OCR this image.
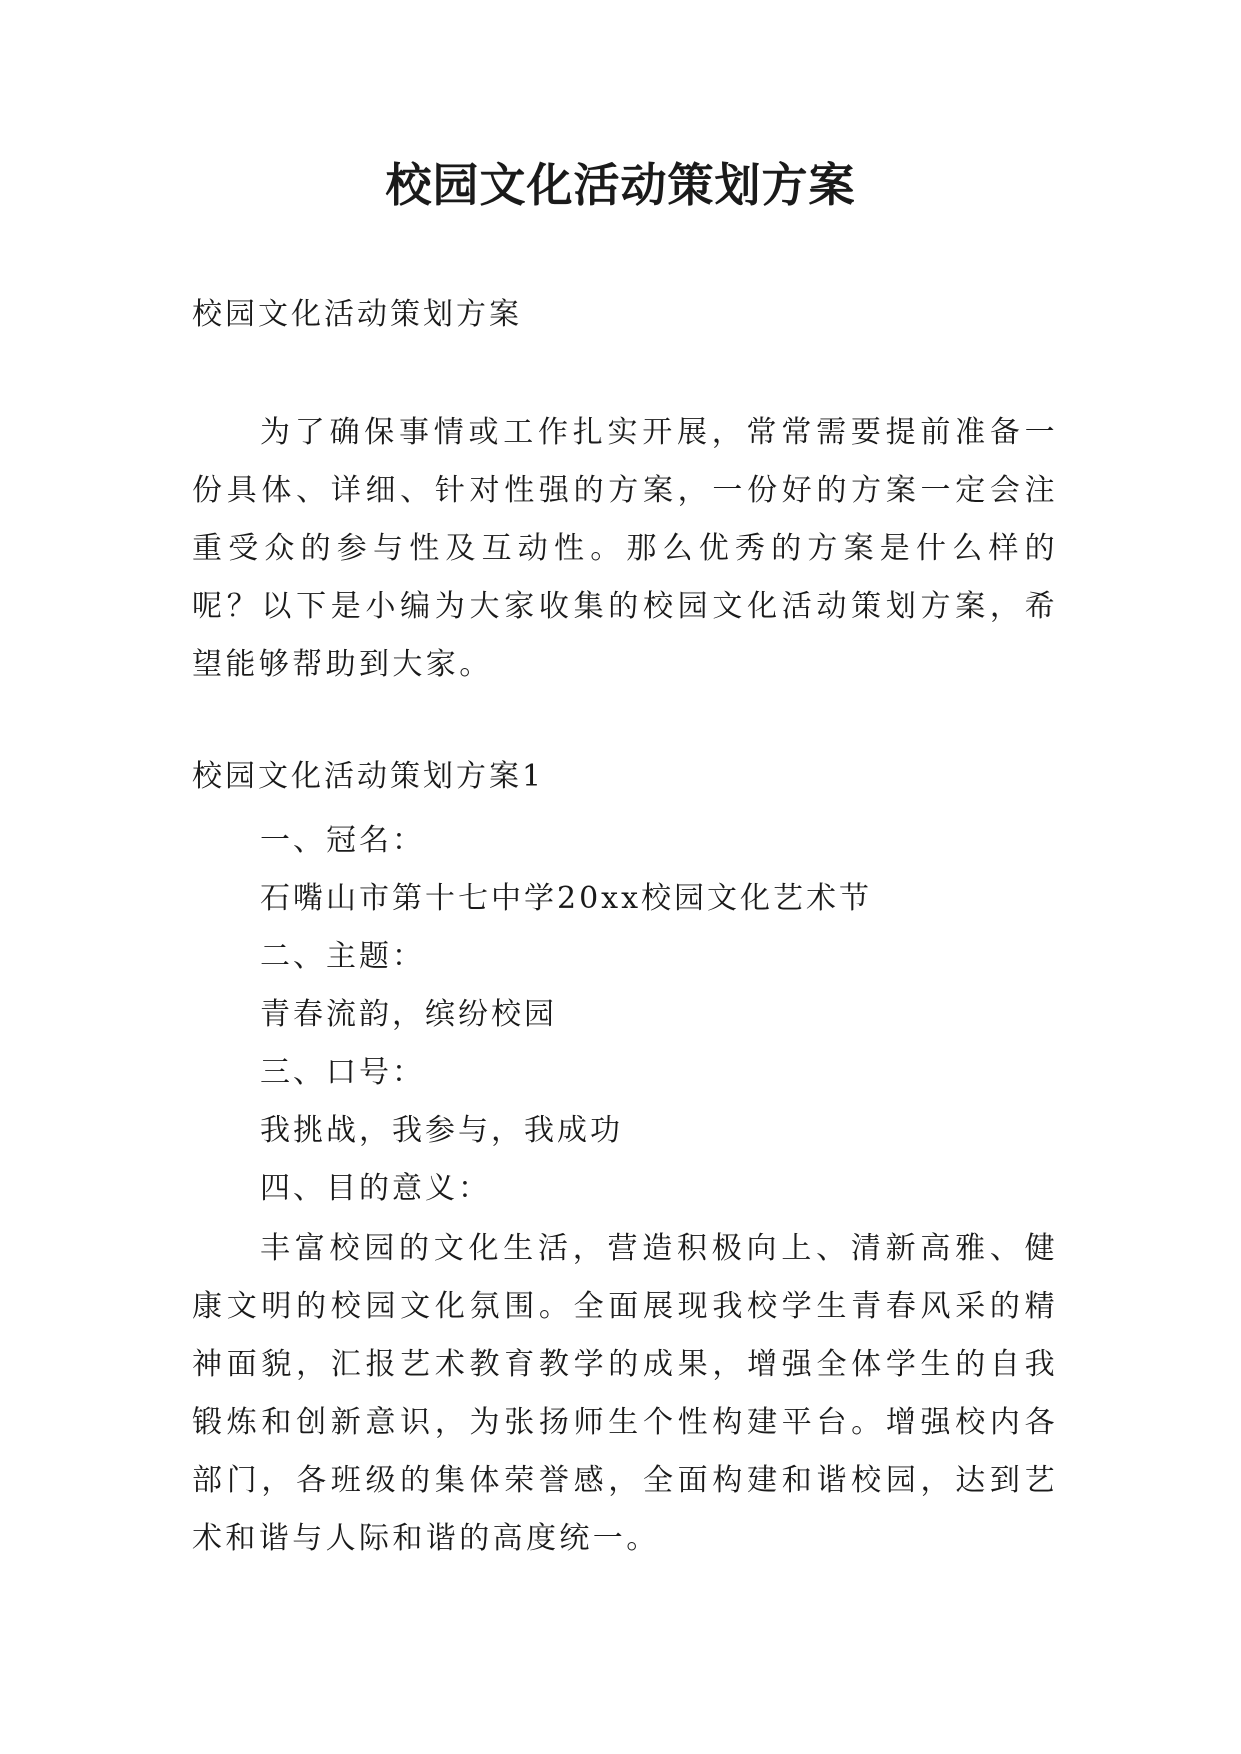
校园文化活动策划方案
校园文化活动策划方案
为了确保事情或工作扎实开展，常常需要提前准备一份具体、详细、针对性强的方案，一份好的方案一定会注重受众的参与性及互动性。那么优秀的方案是什么样的呢？以下是小编为大家收集的校园文化活动策划方案，希望能够帮助到大家。
校园文化活动策划方案1
一、冠名：
石嘴山市第十七中学20xx校园文化艺术节
二、主题：
青春流韵，缤纷校园
三、口号：
我挑战，我参与，我成功
四、目的意义：
丰富校园的文化生活，营造积极向上、清新高雅、健康文明的校园文化氛围。全面展现我校学生青春风采的精神面貌，汇报艺术教育教学的成果，增强全体学生的自我锻炼和创新意识，为张扬师生个性构建平台。增强校内各部门，各班级的集体荣誉感，全面构建和谐校园，达到艺术和谐与人际和谐的高度统一。
